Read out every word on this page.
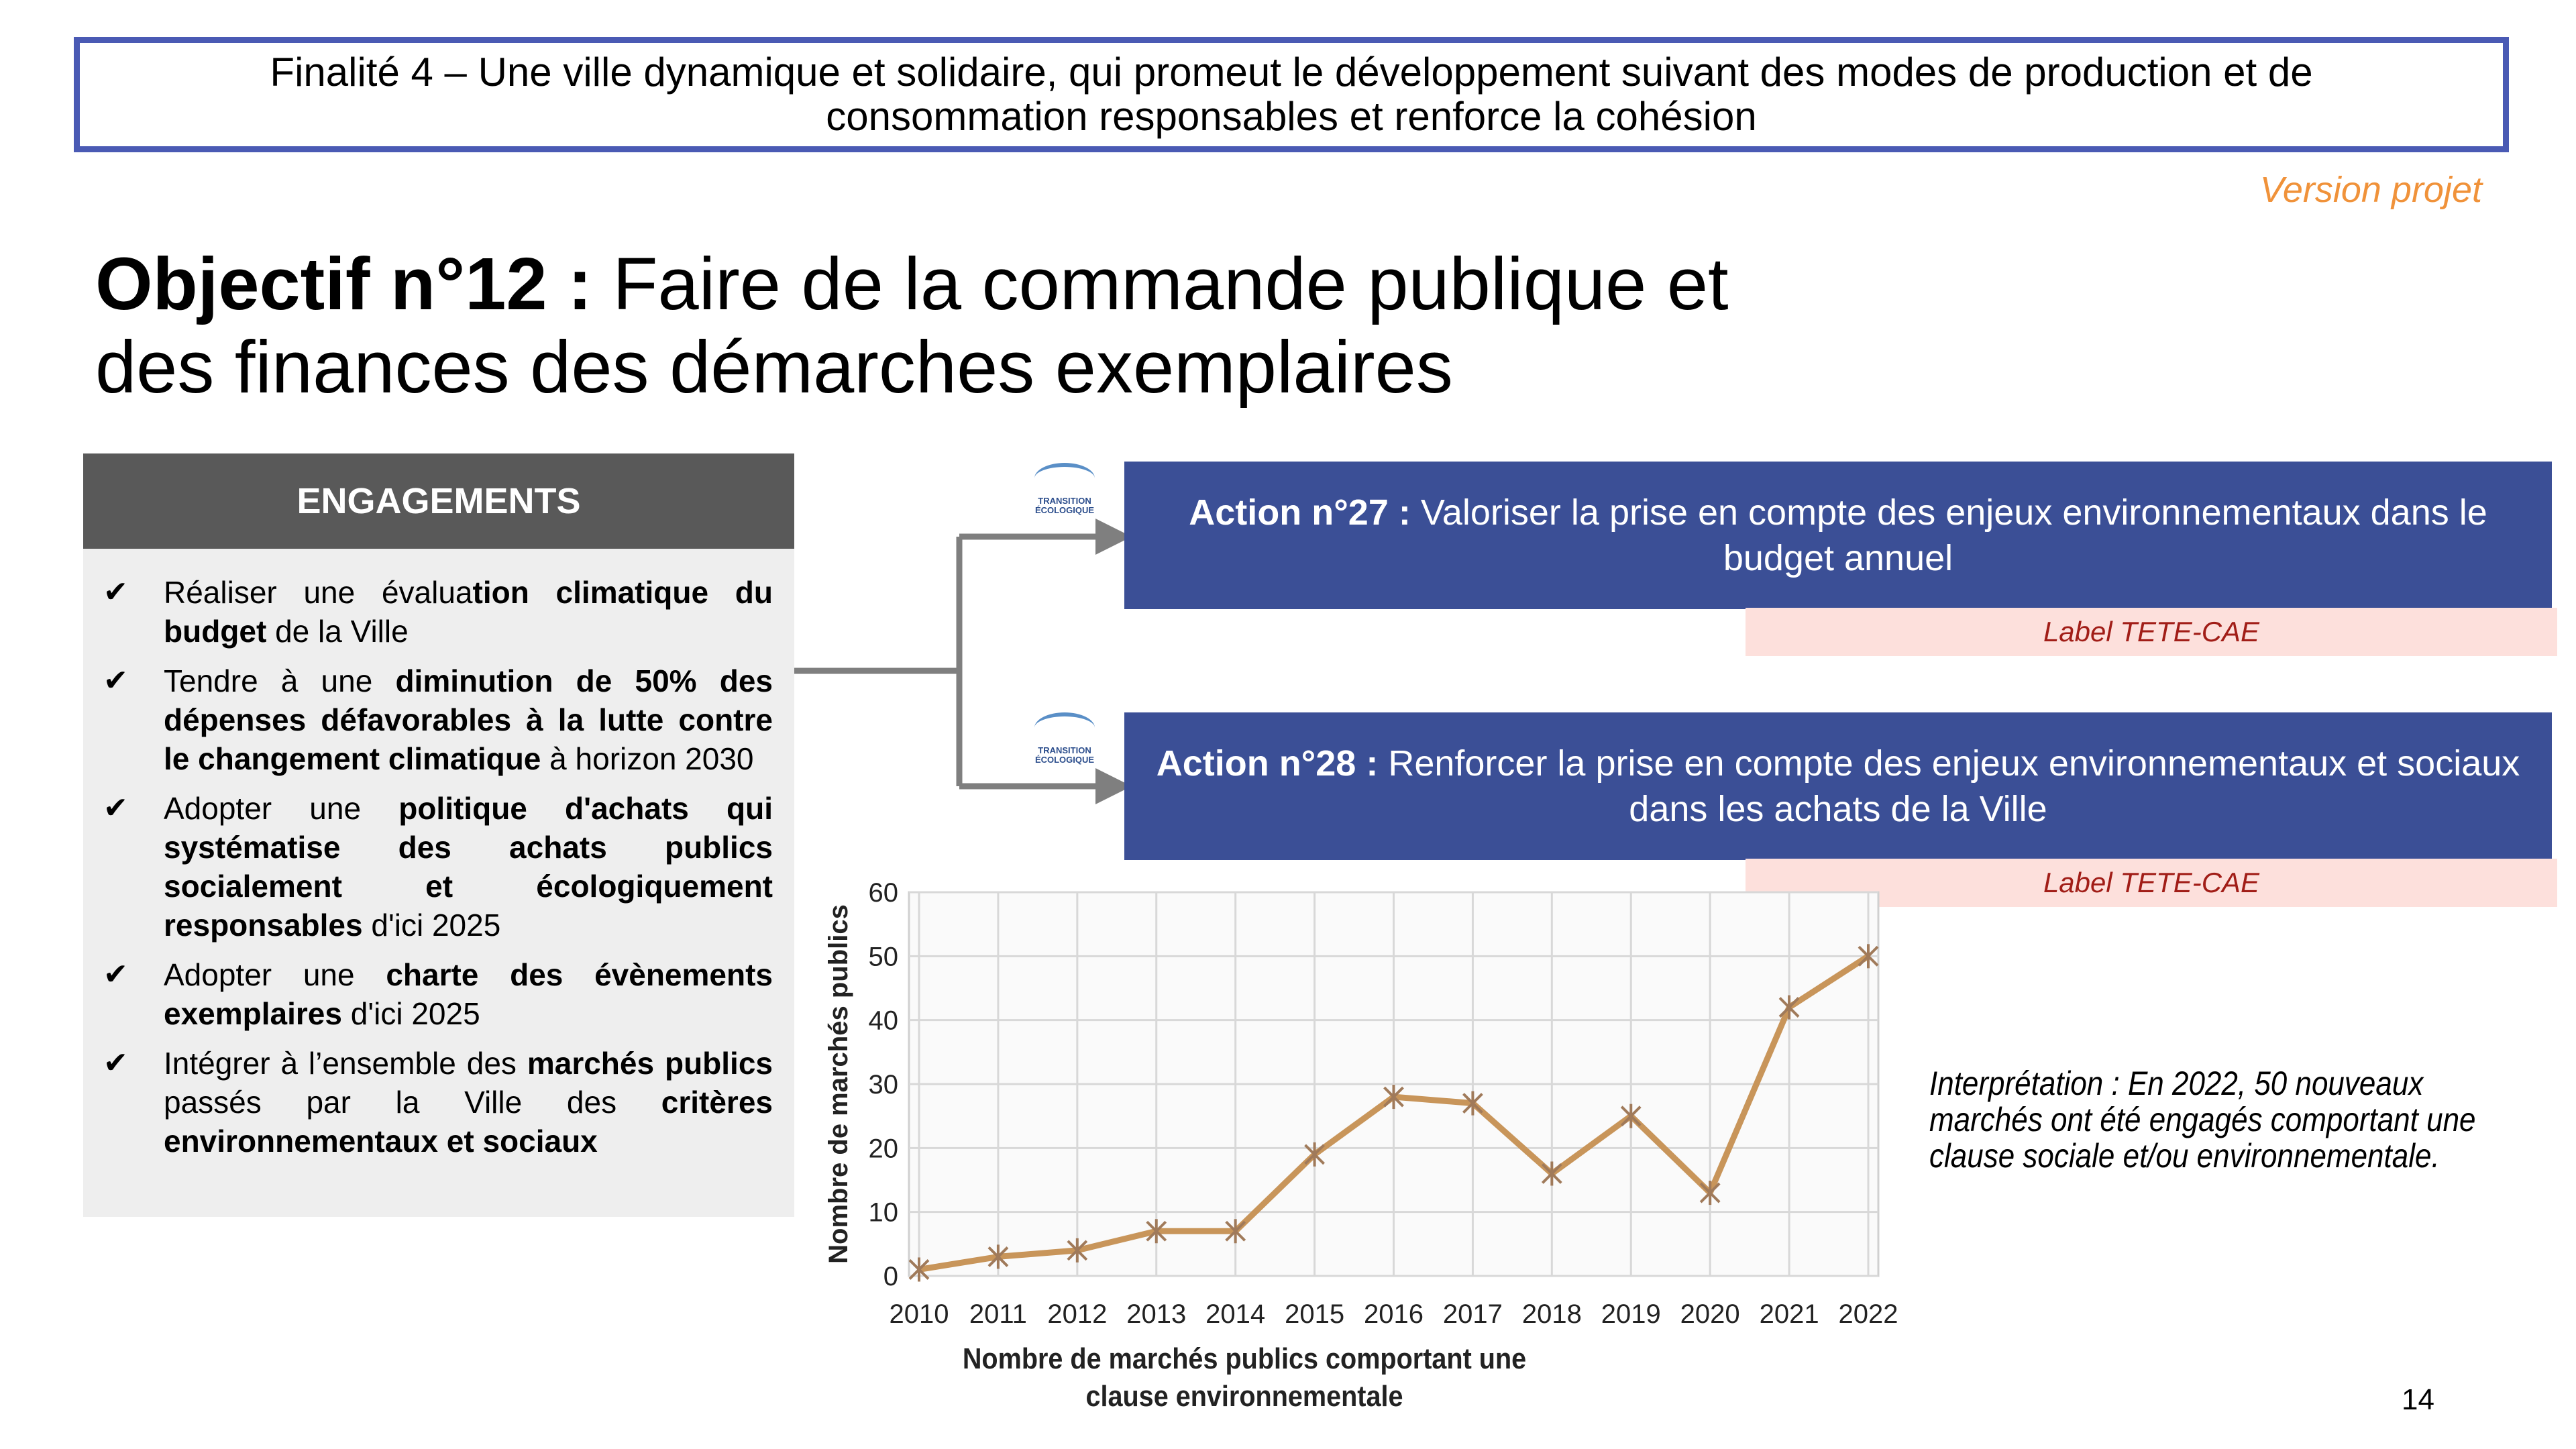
Finalité 4 – Une ville dynamique et solidaire, qui promeut le développement suivant des modes de production et de
consommation responsables et renforce la cohésion
Version projet
Objectif n°12 : Faire de la commande publique et
des finances des démarches exemplaires
ENGAGEMENTS
✔	Réaliser une évaluation climatique du budget de la Ville
✔	Tendre à une diminution de 50% des dépenses défavorables à la lutte contre le changement climatique à horizon 2030
✔	Adopter une politique d'achats qui systématise des achats publics socialement et écologiquement responsables d'ici 2025
✔	Adopter une charte des évènements exemplaires d'ici 2025
✔	Intégrer à l’ensemble des marchés publics passés par la Ville des critères environnementaux et sociaux
TRANSITION
ÉCOLOGIQUE
TRANSITION
ÉCOLOGIQUE
Action n°27 : Valoriser la prise en compte des enjeux environnementaux dans le budget annuel
Label TETE-CAE
Action n°28 : Renforcer la prise en compte des enjeux environnementaux et sociaux dans les achats de la Ville
Label TETE-CAE
0
10
20
30
40
50
60
2010 2011 2012 2013 2014 2015 2016 2017 2018 2019 2020 2021 2022
Nombre de marchés publics
Nombre de marchés publics comportant une
clause environnementale
Interprétation : En 2022, 50 nouveaux marchés ont été engagés comportant une clause sociale et/ou environnementale.
14
